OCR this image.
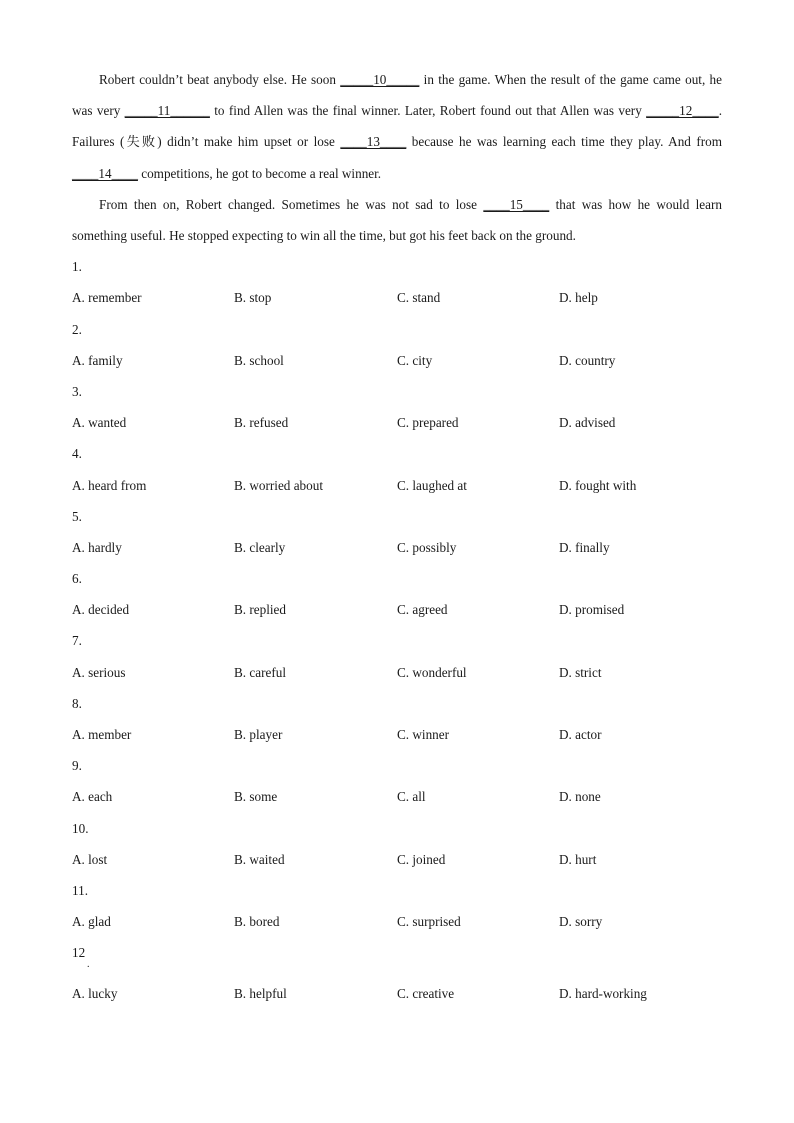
Robert couldn’t beat anybody else. He soon _____10_____ in the game. When the result of the game came out, he was very _____11______ to find Allen was the final winner. Later, Robert found out that Allen was very _____12____. Failures (失败) didn’t make him upset or lose ____13____ because he was learning each time they play. And from ____14____ competitions, he got to become a real winner.

From then on, Robert changed. Sometimes he was not sad to lose ____15____ that was how he would learn something useful. He stopped expecting to win all the time, but got his feet back on the ground.

1.
A. remember	B. stop	C. stand	D. help
2.
A. family	B. school	C. city	D. country
3.
A. wanted	B. refused	C. prepared	D. advised
4.
A. heard from	B. worried about	C. laughed at	D. fought with
5.
A. hardly	B. clearly	C. possibly	D. finally
6.
A. decided	B. replied	C. agreed	D. promised
7.
A. serious	B. careful	C. wonderful	D. strict
8.
A. member	B. player	C. winner	D. actor
9.
A. each	B. some	C. all	D. none
10.
A. lost	B. waited	C. joined	D. hurt
11.
A. glad	B. bored	C. surprised	D. sorry
12
.
A. lucky	B. helpful	C. creative	D. hard-working
